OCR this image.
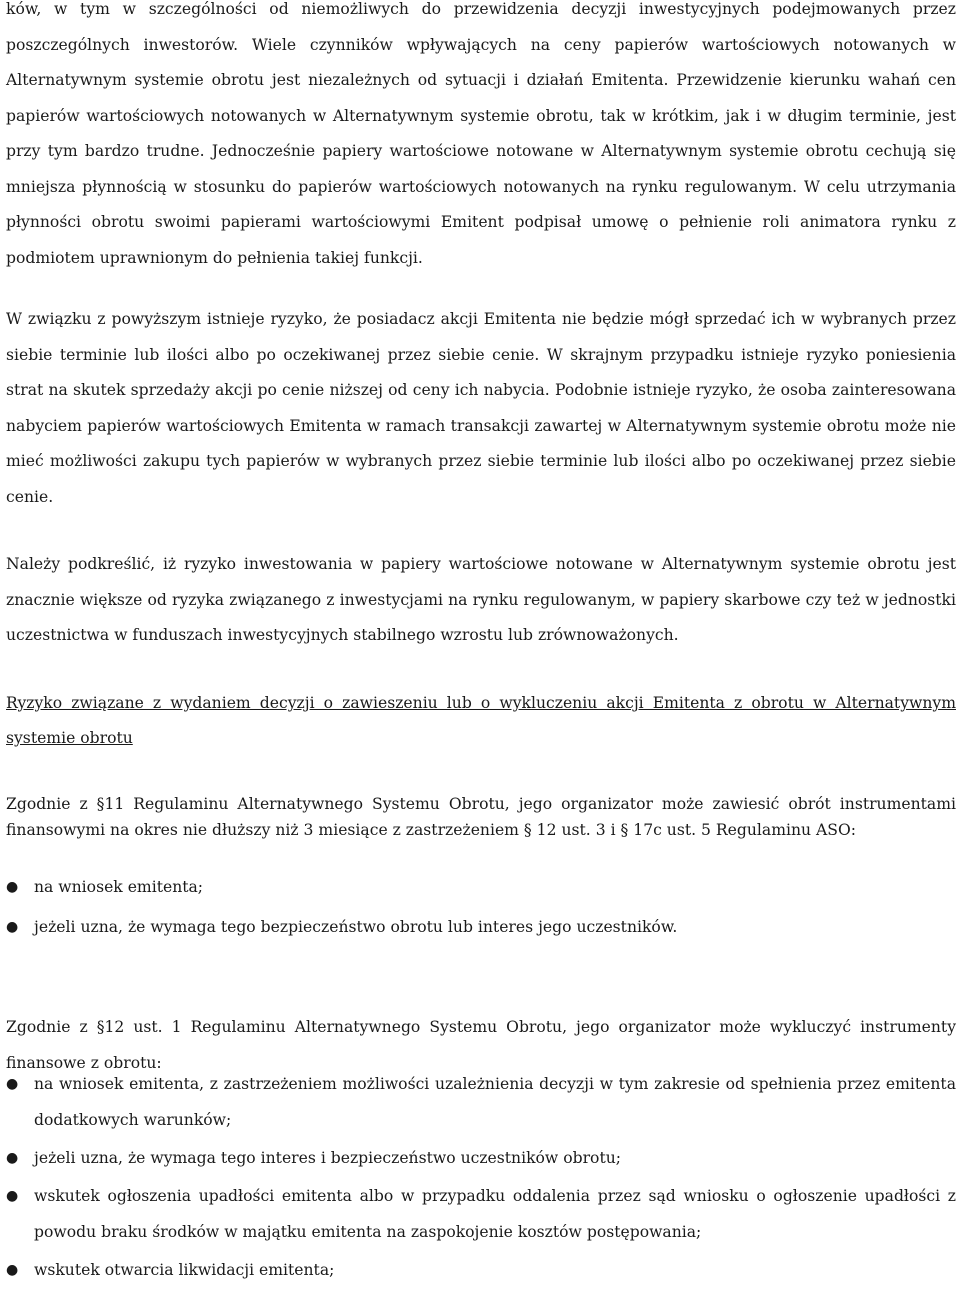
ków, w tym w szczególności od niemożliwych do przewidzenia decyzji inwestycyjnych podejmowanych przez poszczególnych inwestorów. Wiele czynników wpływających na ceny papierów wartościowych notowanych w Alternatywnym systemie obrotu jest niezależnych od sytuacji i działań Emitenta. Przewidzenie kierunku wahań cen papierów wartościowych notowanych w Alternatywnym systemie obrotu, tak w krótkim, jak i w długim terminie, jest przy tym bardzo trudne. Jednocześnie papiery wartościowe notowane w Alternatywnym systemie obrotu cechują się mniejsza płynnością w stosunku do papierów wartościowych notowanych na rynku regulowanym. W celu utrzymania płynności obrotu swoimi papierami wartościowymi Emitent podpisał umowę o pełnienie roli animatora rynku z podmiotem uprawnionym do pełnienia takiej funkcji.

W związku z powyższym istnieje ryzyko, że posiadacz akcji Emitenta nie będzie mógł sprzedać ich w wybranych przez siebie terminie lub ilości albo po oczekiwanej przez siebie cenie. W skrajnym przypadku istnieje ryzyko poniesienia strat na skutek sprzedaży akcji po cenie niższej od ceny ich nabycia. Podobnie istnieje ryzyko, że osoba zainteresowana nabyciem papierów wartościowych Emitenta w ramach transakcji zawartej w Alternatywnym systemie obrotu może nie mieć możliwości zakupu tych papierów w wybranych przez siebie terminie lub ilości albo po oczekiwanej przez siebie cenie.

Należy podkreślić, iż ryzyko inwestowania w papiery wartościowe notowane w Alternatywnym systemie obrotu jest znacznie większe od ryzyka związanego z inwestycjami na rynku regulowanym, w papiery skarbowe czy też w jednostki uczestnictwa w funduszach inwestycyjnych stabilnego wzrostu lub zrównoważonych.

Ryzyko związane z wydaniem decyzji o zawieszeniu lub o wykluczeniu akcji Emitenta z obrotu w Alternatywnym systemie obrotu

Zgodnie z §11 Regulaminu Alternatywnego Systemu Obrotu, jego organizator może zawiesić obrót instrumentami finansowymi na okres nie dłuższy niż 3 miesiące z zastrzeżeniem § 12 ust. 3 i § 17c ust. 5 Regulaminu ASO:

● na wniosek emitenta;
● jeżeli uzna, że wymaga tego bezpieczeństwo obrotu lub interes jego uczestników.

Zgodnie z §12 ust. 1 Regulaminu Alternatywnego Systemu Obrotu, jego organizator może wykluczyć instrumenty finansowe z obrotu:

● na wniosek emitenta, z zastrzeżeniem możliwości uzależnienia decyzji w tym zakresie od spełnienia przez emitenta dodatkowych warunków;
● jeżeli uzna, że wymaga tego interes i bezpieczeństwo uczestników obrotu;
● wskutek ogłoszenia upadłości emitenta albo w przypadku oddalenia przez sąd wniosku o ogłoszenie upadłości z powodu braku środków w majątku emitenta na zaspokojenie kosztów postępowania;
● wskutek otwarcia likwidacji emitenta;
